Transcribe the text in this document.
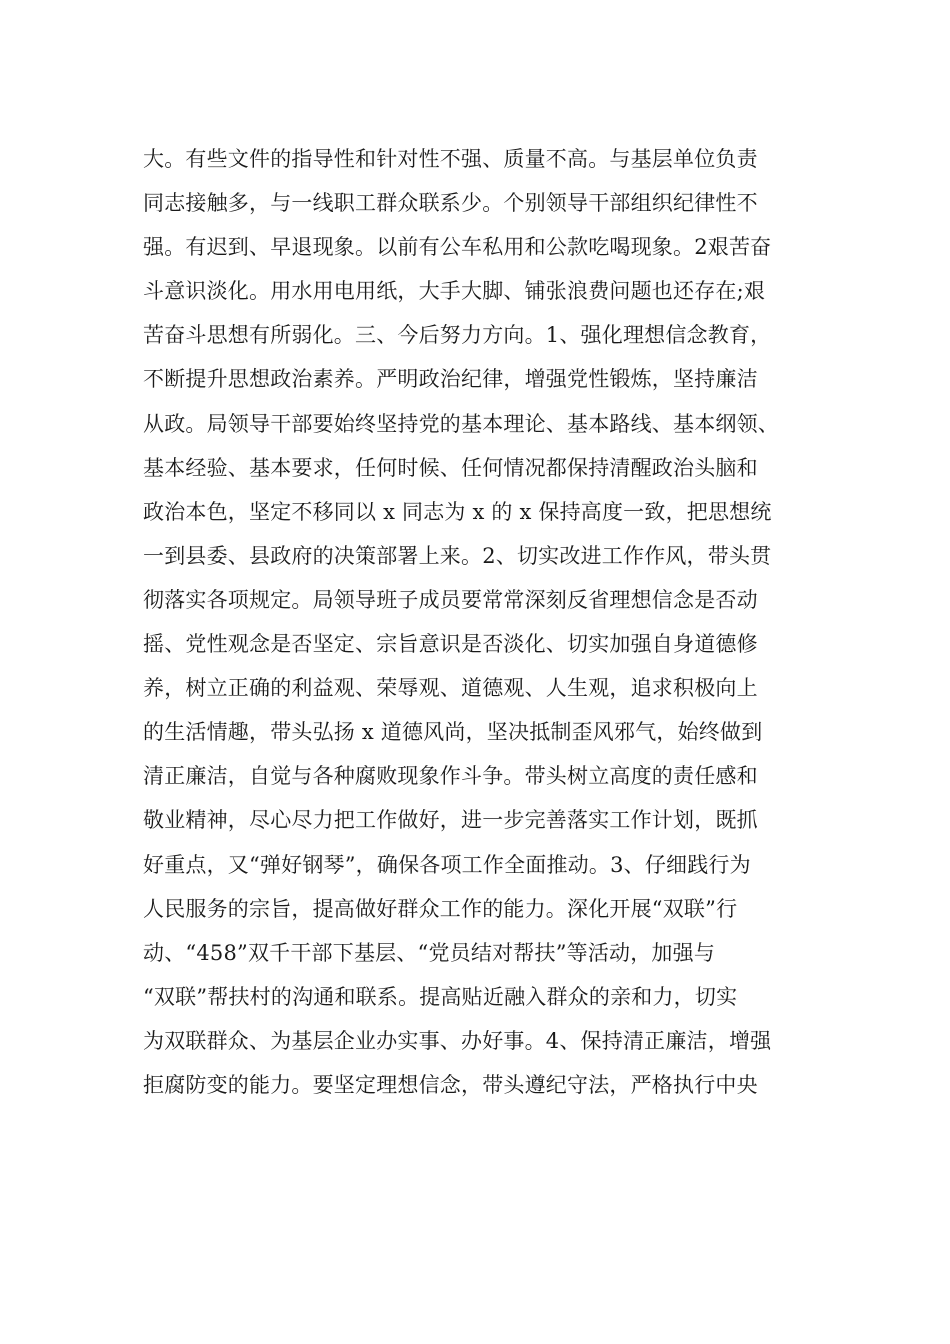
大。有些文件的指导性和针对性不强、质量不高。与基层单位负责
同志接触多，与一线职工群众联系少。个别领导干部组织纪律性不
强。有迟到、早退现象。以前有公车私用和公款吃喝现象。2艰苦奋
斗意识淡化。用水用电用纸，大手大脚、铺张浪费问题也还存在;艰
苦奋斗思想有所弱化。三、今后努力方向。1、强化理想信念教育，
不断提升思想政治素养。严明政治纪律，增强党性锻炼，坚持廉洁
从政。局领导干部要始终坚持党的基本理论、基本路线、基本纲领、
基本经验、基本要求，任何时候、任何情况都保持清醒政治头脑和
政治本色，坚定不移同以 x 同志为 x 的 x 保持高度一致，把思想统
一到县委、县政府的决策部署上来。2、切实改进工作作风，带头贯
彻落实各项规定。局领导班子成员要常常深刻反省理想信念是否动
摇、党性观念是否坚定、宗旨意识是否淡化、切实加强自身道德修
养，树立正确的利益观、荣辱观、道德观、人生观，追求积极向上
的生活情趣，带头弘扬 x 道德风尚，坚决抵制歪风邪气，始终做到
清正廉洁，自觉与各种腐败现象作斗争。带头树立高度的责任感和
敬业精神，尽心尽力把工作做好，进一步完善落实工作计划，既抓
好重点，又“弹好钢琴”，确保各项工作全面推动。3、仔细践行为
人民服务的宗旨，提高做好群众工作的能力。深化开展“双联”行
动、“458”双千干部下基层、“党员结对帮扶”等活动，加强与
“双联”帮扶村的沟通和联系。提高贴近融入群众的亲和力，切实
为双联群众、为基层企业办实事、办好事。4、保持清正廉洁，增强
拒腐防变的能力。要坚定理想信念，带头遵纪守法，严格执行中央
